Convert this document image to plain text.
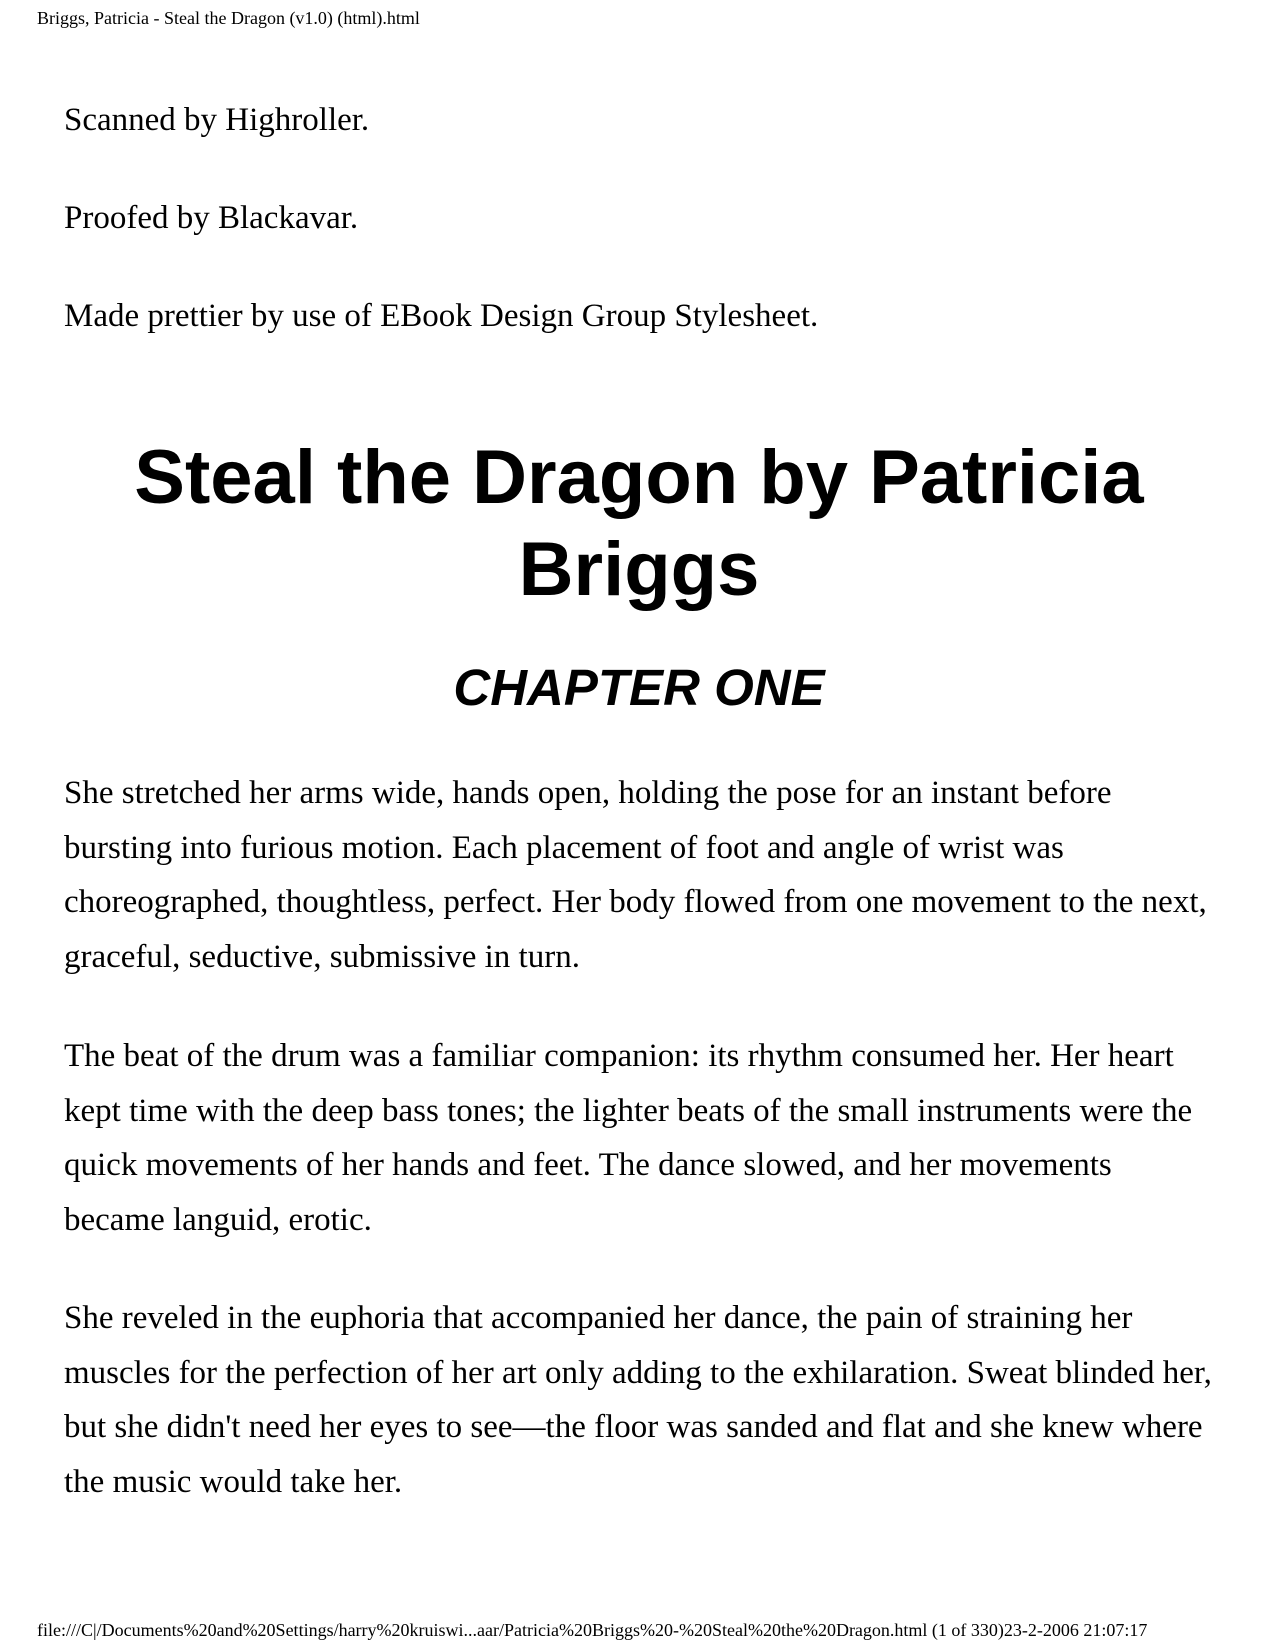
Briggs, Patricia - Steal the Dragon (v1.0) (html).html
Scanned by Highroller.
Proofed by Blackavar.
Made prettier by use of EBook Design Group Stylesheet.
Steal the Dragon by Patricia Briggs
CHAPTER ONE

She stretched her arms wide, hands open, holding the pose for an instant before bursting into furious motion. Each placement of foot and angle of wrist was choreographed, thoughtless, perfect. Her body flowed from one movement to the next, graceful, seductive, submissive in turn.

The beat of the drum was a familiar companion: its rhythm consumed her. Her heart kept time with the deep bass tones; the lighter beats of the small instruments were the quick movements of her hands and feet. The dance slowed, and her movements became languid, erotic.

She reveled in the euphoria that accompanied her dance, the pain of straining her muscles for the perfection of her art only adding to the exhilaration. Sweat blinded her, but she didn't need her eyes to see—the floor was sanded and flat and she knew where the music would take her.

file:///C|/Documents%20and%20Settings/harry%20kruiswi...aar/Patricia%20Briggs%20-%20Steal%20the%20Dragon.html (1 of 330)23-2-2006 21:07:17
